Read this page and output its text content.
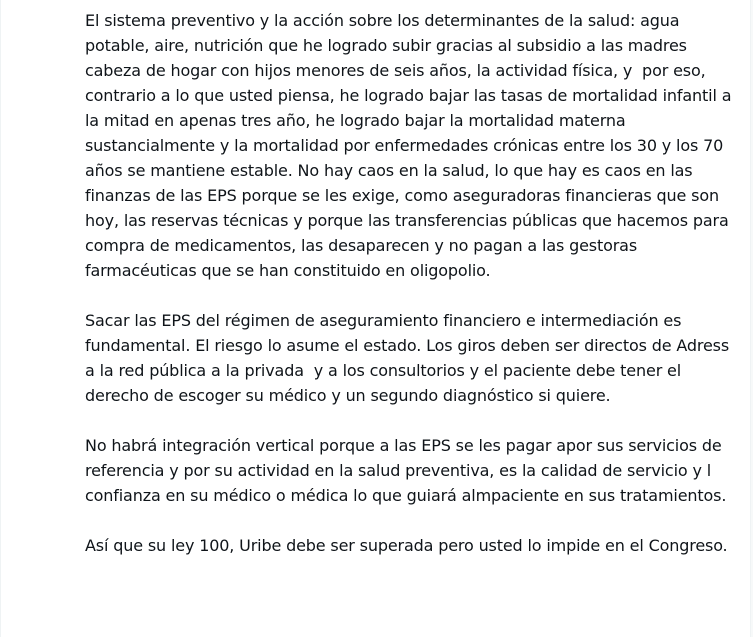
El sistema preventivo y la acción sobre los determinantes de la salud: agua potable, aire, nutrición que he logrado subir gracias al subsidio a las madres cabeza de hogar con hijos menores de seis años, la actividad física, y  por eso, contrario a lo que usted piensa, he logrado bajar las tasas de mortalidad infantil a la mitad en apenas tres año, he logrado bajar la mortalidad materna sustancialmente y la mortalidad por enfermedades crónicas entre los 30 y los 70 años se mantiene estable. No hay caos en la salud, lo que hay es caos en las finanzas de las EPS porque se les exige, como aseguradoras financieras que son hoy, las reservas técnicas y porque las transferencias públicas que hacemos para compra de medicamentos, las desaparecen y no pagan a las gestoras farmacéuticas que se han constituido en oligopolio.

Sacar las EPS del régimen de aseguramiento financiero e intermediación es fundamental. El riesgo lo asume el estado. Los giros deben ser directos de Adress a la red pública a la privada  y a los consultorios y el paciente debe tener el derecho de escoger su médico y un segundo diagnóstico si quiere.

No habrá integración vertical porque a las EPS se les pagar apor sus servicios de referencia y por su actividad en la salud preventiva, es la calidad de servicio y l confianza en su médico o médica lo que guiará almpaciente en sus tratamientos.

Así que su ley 100, Uribe debe ser superada pero usted lo impide en el Congreso.
